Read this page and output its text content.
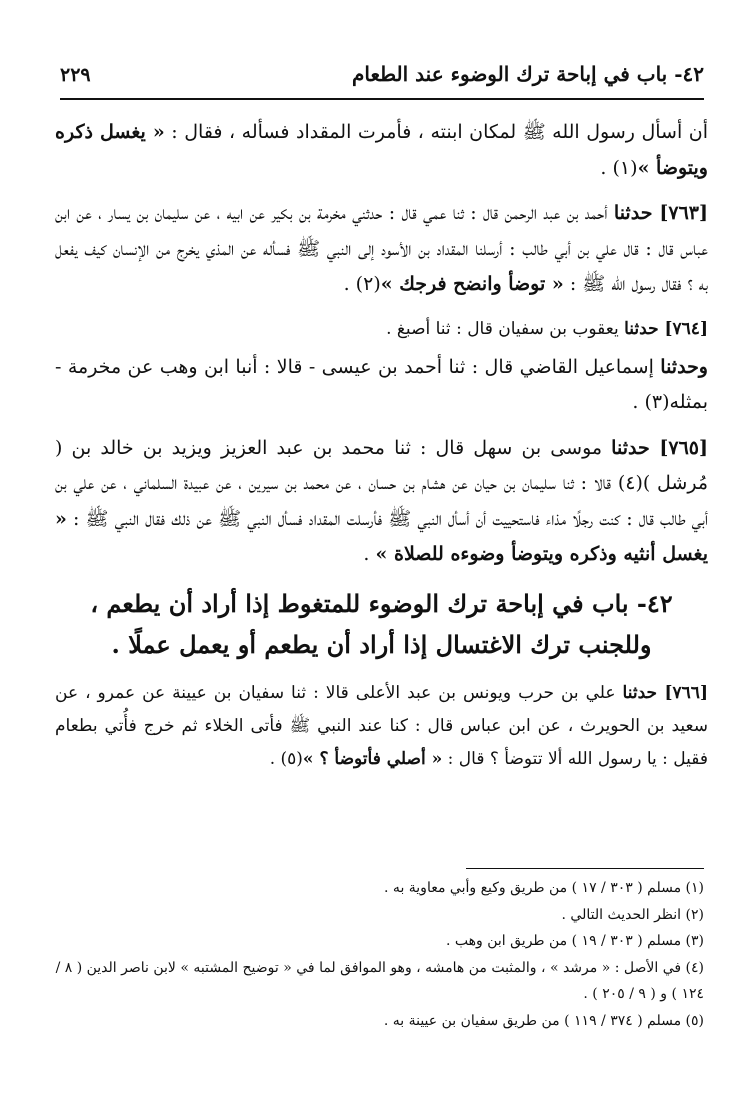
٤٢- باب في إباحة ترك الوضوء عند الطعام
٢٢٩

أن أسأل رسول الله ﷺ لمكان ابنته ، فأمرت المقداد فسأله ، فقال : « يغسل ذكره ويتوضأ »(١) .

[٧٦٣] حدثنا أحمد بن عبد الرحمن قال : ثنا عمي قال : حدثني مخرمة بن بكير عن ابيه ، عن سليمان بن يسار ، عن ابن عباس قال : قال علي بن أبي طالب : أرسلنا المقداد بن الأسود إلى النبي ﷺ فسأله عن المذي يخرج من الإنسان كيف يفعل به ؟ فقال رسول الله ﷺ : « توضأ وانضح فرجك »(٢) .

[٧٦٤] حدثنا يعقوب بن سفيان قال : ثنا أصبغ .

وحدثنا إسماعيل القاضي قال : ثنا أحمد بن عيسى - قالا : أنبا ابن وهب عن مخرمة - بمثله(٣) .

[٧٦٥] حدثنا موسى بن سهل قال : ثنا محمد بن عبد العزيز ويزيد بن خالد بن ( مُرشل )(٤) قالا : ثنا سليمان بن حيان عن هشام بن حسان ، عن محمد بن سيرين ، عن عبيدة السلماني ، عن علي بن أبي طالب قال : كنت رجلًا مذاء فاستحييت أن أسأل النبي ﷺ فأرسلت المقداد فسأل النبي ﷺ عن ذلك فقال النبي ﷺ : « يغسل أنثيه وذكره ويتوضأ وضوءه للصلاة » .

٤٢- باب في إباحة ترك الوضوء للمتغوط إذا أراد أن يطعم ، وللجنب ترك الاغتسال إذا أراد أن يطعم أو يعمل عملًا .

[٧٦٦] حدثنا علي بن حرب ويونس بن عبد الأعلى قالا : ثنا سفيان بن عيينة عن عمرو ، عن سعيد بن الحويرث ، عن ابن عباس قال : كنا عند النبي ﷺ فأتى الخلاء ثم خرج فأُتي بطعام فقيل : يا رسول الله ألا تتوضأ ؟ قال : « أصلي فأتوضأ ؟ »(٥) .

(١) مسلم ( ٣٠٣ / ١٧ ) من طريق وكيع وأبي معاوية به .

(٢) انظر الحديث التالي .

(٣) مسلم ( ٣٠٣ / ١٩ ) من طريق ابن وهب .

(٤) في الأصل : « مرشد » ، والمثبت من هامشه ، وهو الموافق لما في « توضيح المشتبه » لابن ناصر الدين ( ٨ / ١٢٤ ) و ( ٩ / ٢٠٥ ) .

(٥) مسلم ( ٣٧٤ / ١١٩ ) من طريق سفيان بن عيينة به .
